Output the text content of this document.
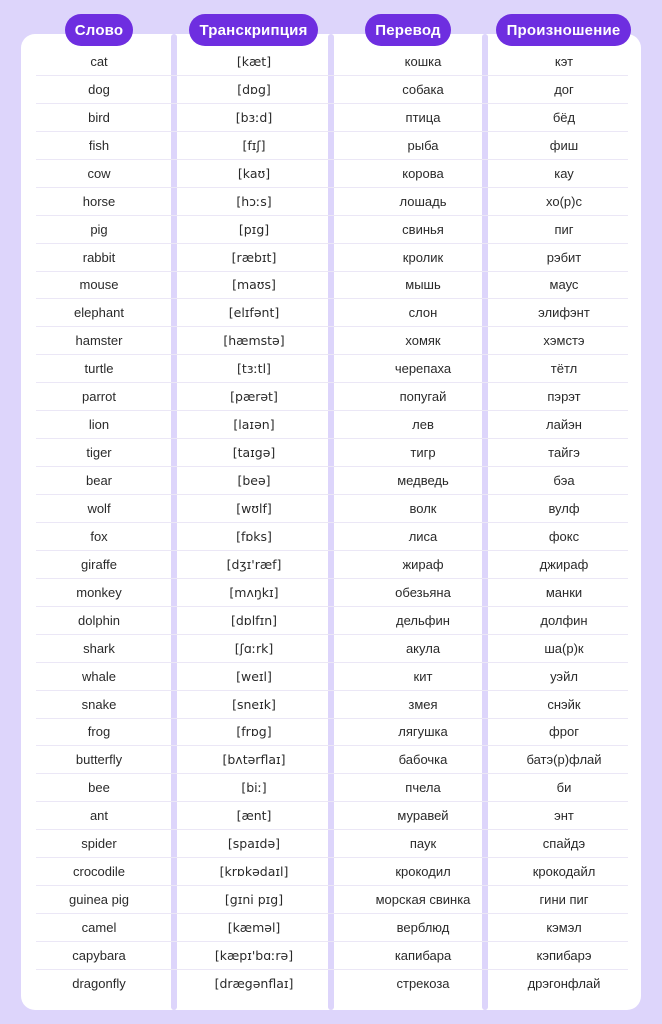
Слово	Транскрипция	Перевод	Произношение
cat	[kæt]	кошка	кэт
dog	[dɒg]	собака	дог
bird	[bɜːd]	птица	бёд
fish	[fɪʃ]	рыба	фиш
cow	[kaʊ]	корова	кау
horse	[hɔːs]	лошадь	хо(р)с
pig	[pɪg]	свинья	пиг
rabbit	[ræbɪt]	кролик	рэбит
mouse	[maʊs]	мышь	маус
elephant	[elɪfənt]	слон	элифэнт
hamster	[hæmstə]	хомяк	хэмстэ
turtle	[tɜːtl]	черепаха	тётл
parrot	[pærət]	попугай	пэрэт
lion	[laɪən]	лев	лайэн
tiger	[taɪgə]	тигр	тайгэ
bear	[beə]	медведь	бэа
wolf	[wʊlf]	волк	вулф
fox	[fɒks]	лиса	фокс
giraffe	[dʒɪ'ræf]	жираф	джираф
monkey	[mʌŋkɪ]	обезьяна	манки
dolphin	[dɒlfɪn]	дельфин	долфин
shark	[ʃɑːrk]	акула	ша(р)к
whale	[weɪl]	кит	уэйл
snake	[sneɪk]	змея	снэйк
frog	[frɒg]	лягушка	фрог
butterfly	[bʌtərflaɪ]	бабочка	батэ(р)флай
bee	[biː]	пчела	би
ant	[ænt]	муравей	энт
spider	[spaɪdə]	паук	спайдэ
crocodile	[krɒkədaɪl]	крокодил	крокодайл
guinea pig	[gɪni pɪg]	морская свинка	гини пиг
camel	[kæməl]	верблюд	кэмэл
capybara	[kæpɪ'bɑːrə]	капибара	кэпибарэ
dragonfly	[drægənflaɪ]	стрекоза	дрэгонфлай
